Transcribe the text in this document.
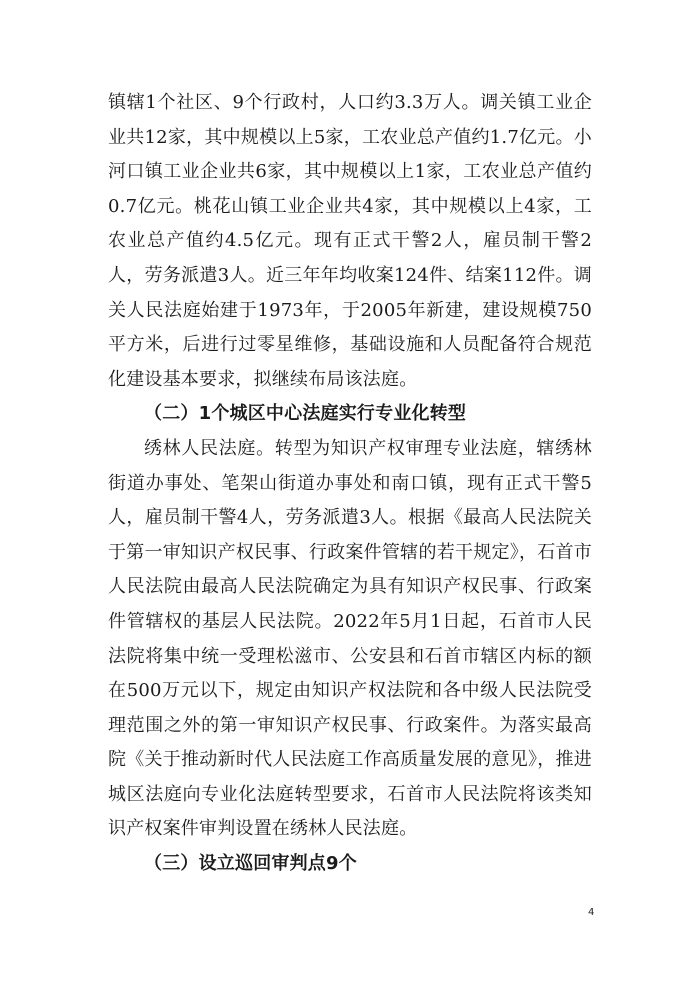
镇辖1个社区、9个行政村，人口约3.3万人。调关镇工业企业共12家，其中规模以上5家，工农业总产值约1.7亿元。小河口镇工业企业共6家，其中规模以上1家，工农业总产值约0.7亿元。桃花山镇工业企业共4家，其中规模以上4家，工农业总产值约4.5亿元。现有正式干警2人，雇员制干警2人，劳务派遣3人。近三年年均收案124件、结案112件。调关人民法庭始建于1973年，于2005年新建，建设规模750平方米，后进行过零星维修，基础设施和人员配备符合规范化建设基本要求，拟继续布局该法庭。

（二）1个城区中心法庭实行专业化转型

绣林人民法庭。转型为知识产权审理专业法庭，辖绣林街道办事处、笔架山街道办事处和南口镇，现有正式干警5人，雇员制干警4人，劳务派遣3人。根据《最高人民法院关于第一审知识产权民事、行政案件管辖的若干规定》，石首市人民法院由最高人民法院确定为具有知识产权民事、行政案件管辖权的基层人民法院。2022年5月1日起，石首市人民法院将集中统一受理松滋市、公安县和石首市辖区内标的额在500万元以下，规定由知识产权法院和各中级人民法院受理范围之外的第一审知识产权民事、行政案件。为落实最高院《关于推动新时代人民法庭工作高质量发展的意见》，推进城区法庭向专业化法庭转型要求，石首市人民法院将该类知识产权案件审判设置在绣林人民法庭。

（三）设立巡回审判点9个

4
